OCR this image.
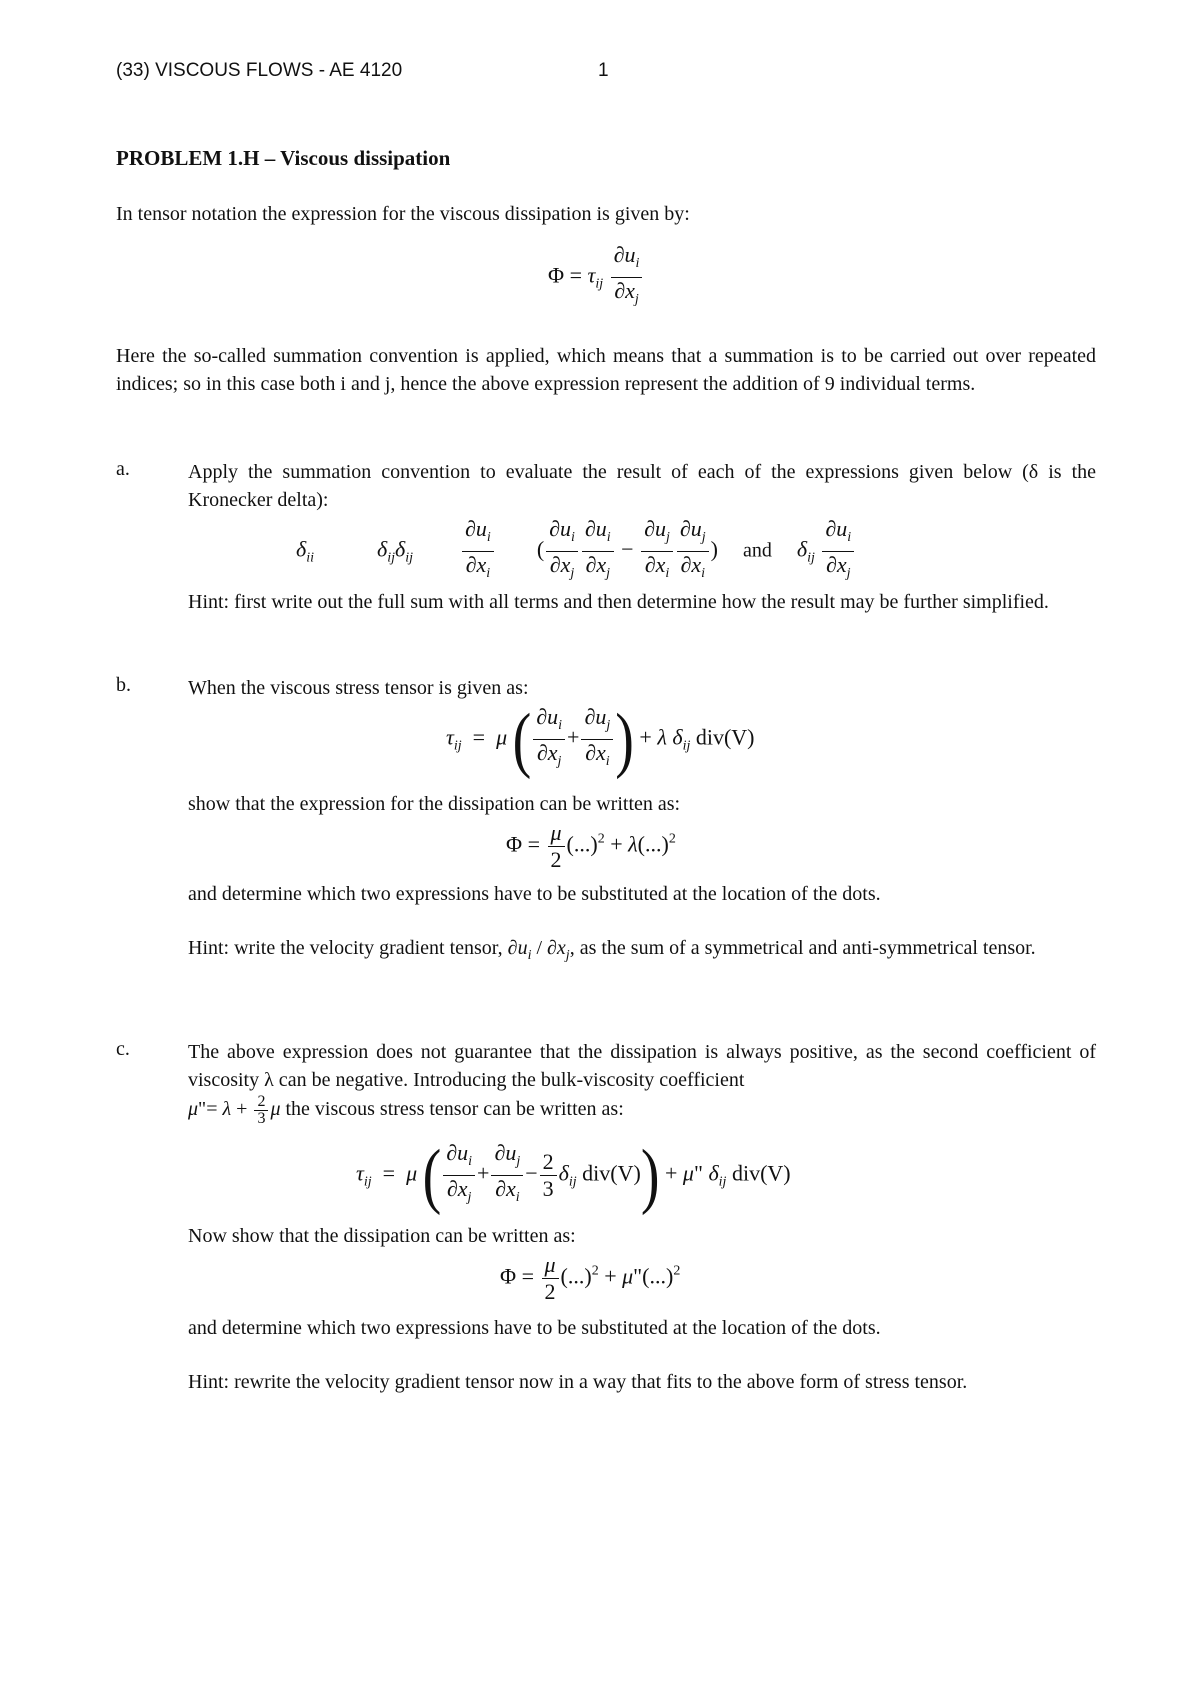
(33) VISCOUS FLOWS - AE 4120	1
PROBLEM 1.H – Viscous dissipation
In tensor notation the expression for the viscous dissipation is given by:
$\Phi = \tau_{ij} \frac{\partial u_i}{\partial x_j}$
Here the so-called summation convention is applied, which means that a summation is to be carried out over repeated indices; so in this case both i and j, hence the above expression represent the addition of 9 individual terms.
a.	Apply the summation convention to evaluate the result of each of the expressions given below (δ is the Kronecker delta):
$\delta_{ii}$	$\delta_{ij}\delta_{ij} \frac{\partial u_i}{\partial x_i}$ ( $\frac{\partial u_i}{\partial x_j} \frac{\partial u_i}{\partial x_j} - \frac{\partial u_j}{\partial x_i} \frac{\partial u_j}{\partial x_i}$ )  and $\delta_{ij} \frac{\partial u_i}{\partial x_j}$
Hint: first write out the full sum with all terms and then determine how the result may be further simplified.
b.	When the viscous stress tensor is given as:
$\tau_{ij} = \mu$ ( $\frac{\partial u_i}{\partial x_j} + \frac{\partial u_j}{\partial x_i}$ ) + λ $\delta_{ij}$ div(V)
show that the expression for the dissipation can be written as:
$\Phi = \frac{\mu}{2} (...)^2 + \lambda(...)^2$
and determine which two expressions have to be substituted at the location of the dots.
Hint: write the velocity gradient tensor, $\partial u_i / \partial x_j$, as the sum of a symmetrical and anti-symmetrical tensor.
c.	The above expression does not guarantee that the dissipation is always positive, as the second coefficient of viscosity λ can be negative. Introducing the bulk-viscosity coefficient
μ"= $\lambda + \frac{2}{3}$ μ the viscous stress tensor can be written as:
$\tau_{ij} = \mu$ ( $\frac{\partial u_i}{\partial x_j} + \frac{\partial u_j}{\partial x_i} - \frac{2}{3} \delta_{ij}$ div(V)) + μ" $\delta_{ij}$ div(V)
Now show that the dissipation can be written as:
$\Phi = \frac{\mu}{2} (...)^2$ + μ"(...)$^2$
and determine which two expressions have to be substituted at the location of the dots.
Hint: rewrite the velocity gradient tensor now in a way that fits to the above form of stress tensor.
